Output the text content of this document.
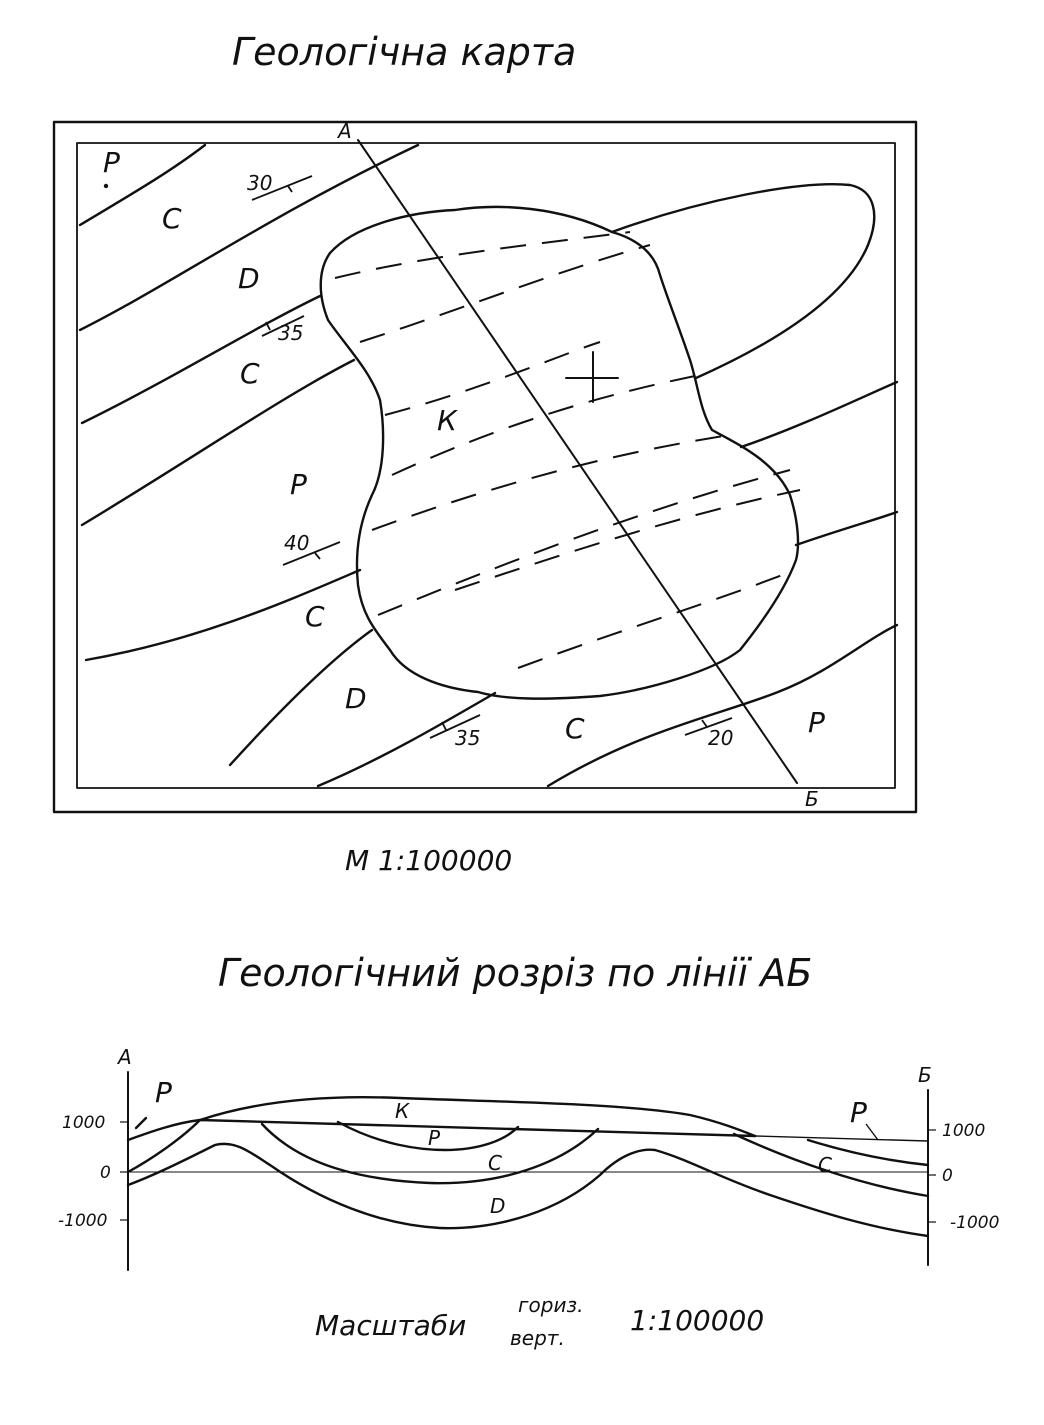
Геологічна карта
А
Б
30
35
40
35	20
P
C
D
C
P
К
C
D
C	P
М 1:100000
Геологічний розріз по лінії АБ
А
Б
1000
0
-1000
1000
0
-1000
P
К
P
C
D
P
C
Масштаби
гориз.
верт.
1:100000
